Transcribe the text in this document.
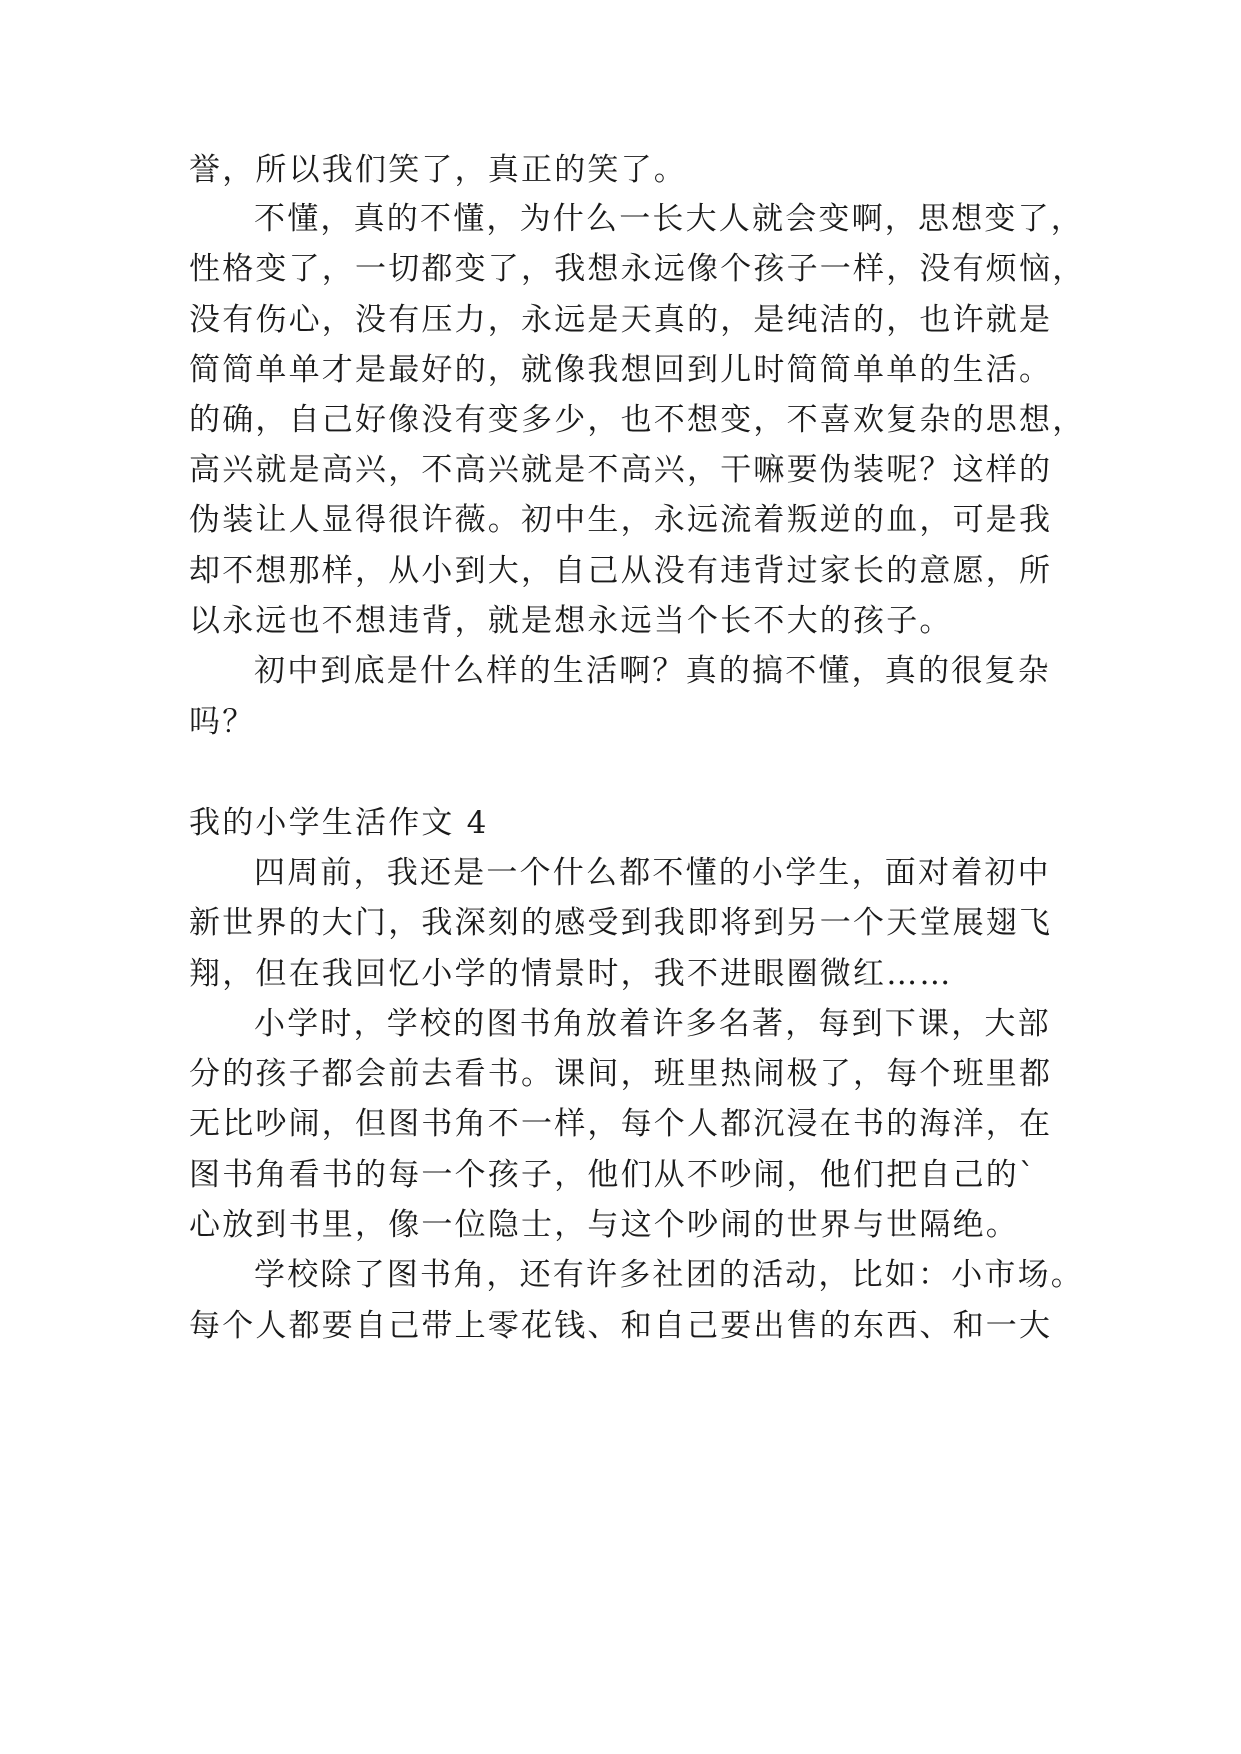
誉，所以我们笑了，真正的笑了。
不懂，真的不懂，为什么一长大人就会变啊，思想变了，
性格变了，一切都变了，我想永远像个孩子一样，没有烦恼，
没有伤心，没有压力，永远是天真的，是纯洁的，也许就是
简简单单才是最好的，就像我想回到儿时简简单单的生活。
的确，自己好像没有变多少，也不想变，不喜欢复杂的思想，
高兴就是高兴，不高兴就是不高兴，干嘛要伪装呢？这样的
伪装让人显得很许薇。初中生，永远流着叛逆的血，可是我
却不想那样，从小到大，自己从没有违背过家长的意愿，所
以永远也不想违背，就是想永远当个长不大的孩子。
初中到底是什么样的生活啊？真的搞不懂，真的很复杂
吗？
我的小学生活作文 4
四周前，我还是一个什么都不懂的小学生，面对着初中
新世界的大门，我深刻的感受到我即将到另一个天堂展翅飞
翔，但在我回忆小学的情景时，我不进眼圈微红……
小学时，学校的图书角放着许多名著，每到下课，大部
分的孩子都会前去看书。课间，班里热闹极了，每个班里都
无比吵闹，但图书角不一样，每个人都沉浸在书的海洋，在
图书角看书的每一个孩子，他们从不吵闹，他们把自己的`
心放到书里，像一位隐士，与这个吵闹的世界与世隔绝。
学校除了图书角，还有许多社团的活动，比如：小市场。
每个人都要自己带上零花钱、和自己要出售的东西、和一大
